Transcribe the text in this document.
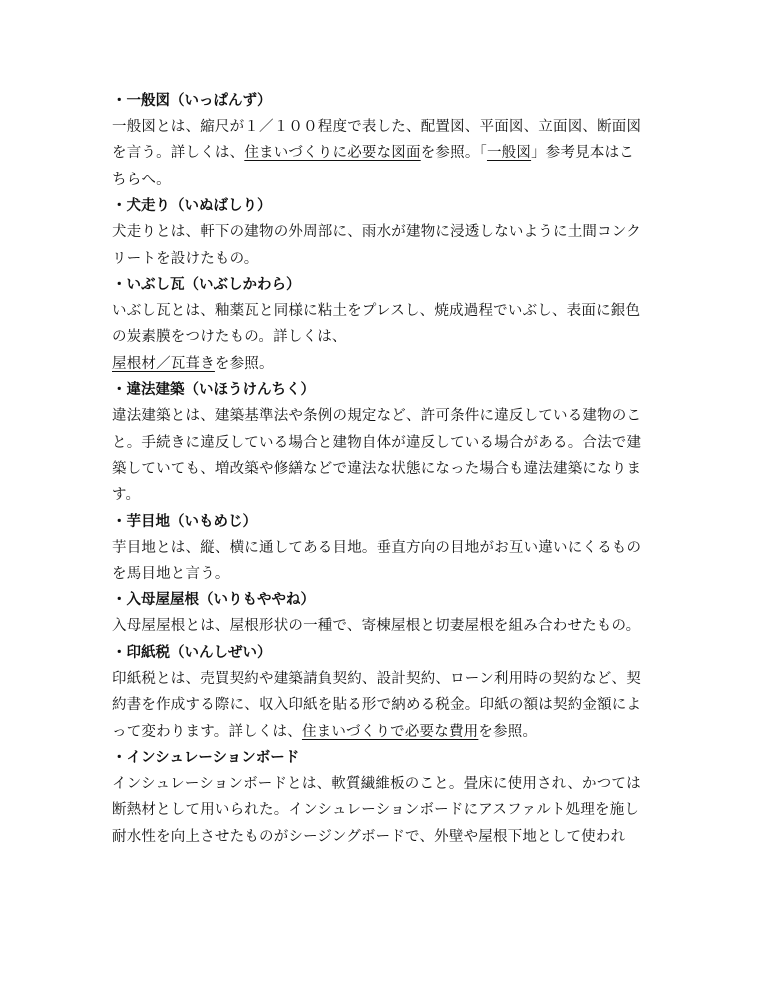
・一般図（いっぱんず）
一般図とは、縮尺が１／１００程度で表した、配置図、平面図、立面図、断面図
を言う。詳しくは、住まいづくりに必要な図面を参照。「一般図」参考見本はこ
ちらへ。
・犬走り（いぬばしり）
犬走りとは、軒下の建物の外周部に、雨水が建物に浸透しないように土間コンク
リートを設けたもの。
・いぶし瓦（いぶしかわら）
いぶし瓦とは、釉薬瓦と同様に粘土をプレスし、焼成過程でいぶし、表面に銀色
の炭素膜をつけたもの。詳しくは、
屋根材／瓦葺きを参照。
・違法建築（いほうけんちく）
違法建築とは、建築基準法や条例の規定など、許可条件に違反している建物のこ
と。手続きに違反している場合と建物自体が違反している場合がある。合法で建
築していても、増改築や修繕などで違法な状態になった場合も違法建築になりま
す。
・芋目地（いもめじ）
芋目地とは、縦、横に通してある目地。垂直方向の目地がお互い違いにくるもの
を馬目地と言う。
・入母屋屋根（いりもややね）
入母屋屋根とは、屋根形状の一種で、寄棟屋根と切妻屋根を組み合わせたもの。
・印紙税（いんしぜい）
印紙税とは、売買契約や建築請負契約、設計契約、ローン利用時の契約など、契
約書を作成する際に、収入印紙を貼る形で納める税金。印紙の額は契約金額によ
って変わります。詳しくは、住まいづくりで必要な費用を参照。
・インシュレーションボード
インシュレーションボードとは、軟質繊維板のこと。畳床に使用され、かつては
断熱材として用いられた。インシュレーションボードにアスファルト処理を施し
耐水性を向上させたものがシージングボードで、外壁や屋根下地として使われ
